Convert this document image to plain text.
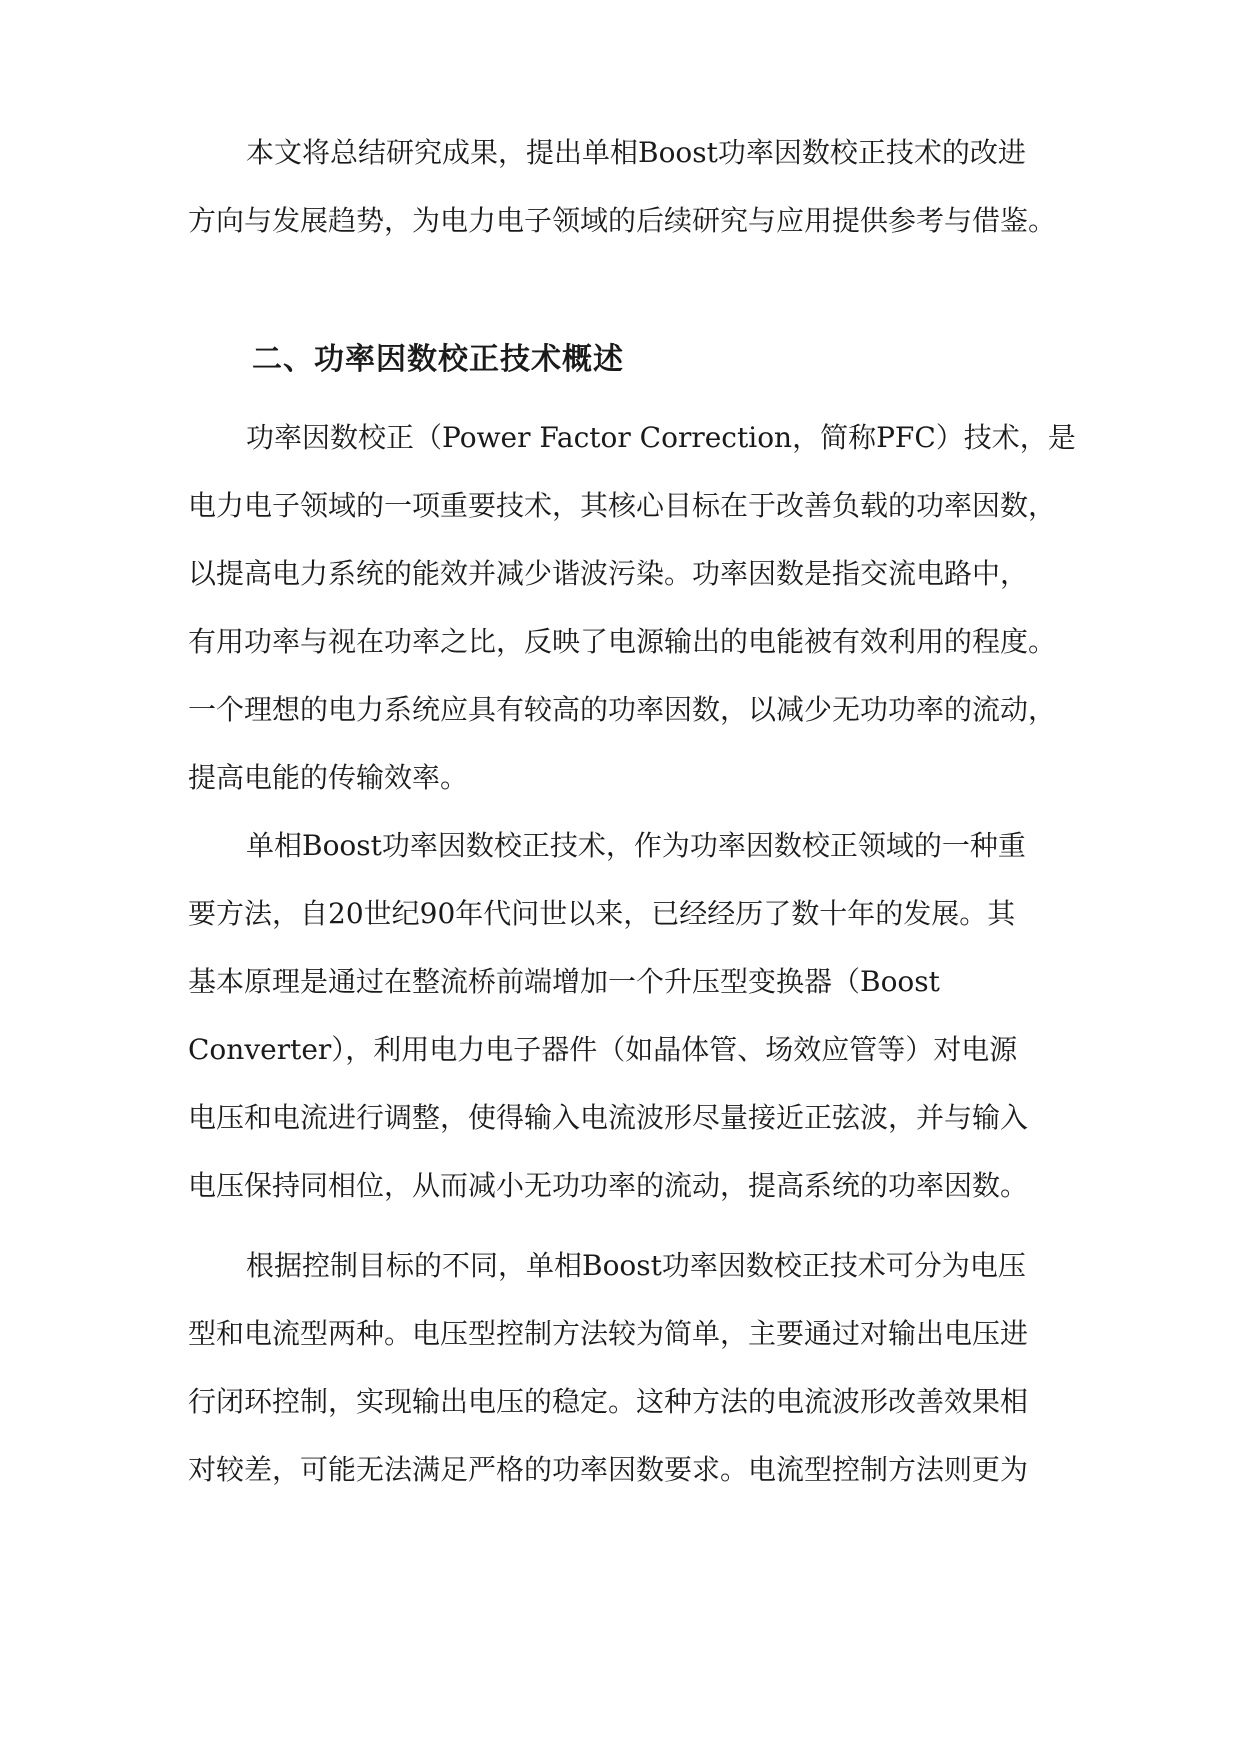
二、功率因数校正技术概述
本文将总结研究成果，提出单相Boost功率因数校正技术的改进
方向与发展趋势，为电力电子领域的后续研究与应用提供参考与借鉴。
功率因数校正（Power Factor Correction，简称PFC）技术，是
电力电子领域的一项重要技术，其核心目标在于改善负载的功率因数，
以提高电力系统的能效并减少谐波污染。功率因数是指交流电路中，
有用功率与视在功率之比，反映了电源输出的电能被有效利用的程度。
一个理想的电力系统应具有较高的功率因数，以减少无功功率的流动，
提高电能的传输效率。
单相Boost功率因数校正技术，作为功率因数校正领域的一种重
要方法，自20世纪90年代问世以来，已经经历了数十年的发展。其
基本原理是通过在整流桥前端增加一个升压型变换器（Boost
Converter），利用电力电子器件（如晶体管、场效应管等）对电源
电压和电流进行调整，使得输入电流波形尽量接近正弦波，并与输入
电压保持同相位，从而减小无功功率的流动，提高系统的功率因数。
根据控制目标的不同，单相Boost功率因数校正技术可分为电压
型和电流型两种。电压型控制方法较为简单，主要通过对输出电压进
行闭环控制，实现输出电压的稳定。这种方法的电流波形改善效果相
对较差，可能无法满足严格的功率因数要求。电流型控制方法则更为
